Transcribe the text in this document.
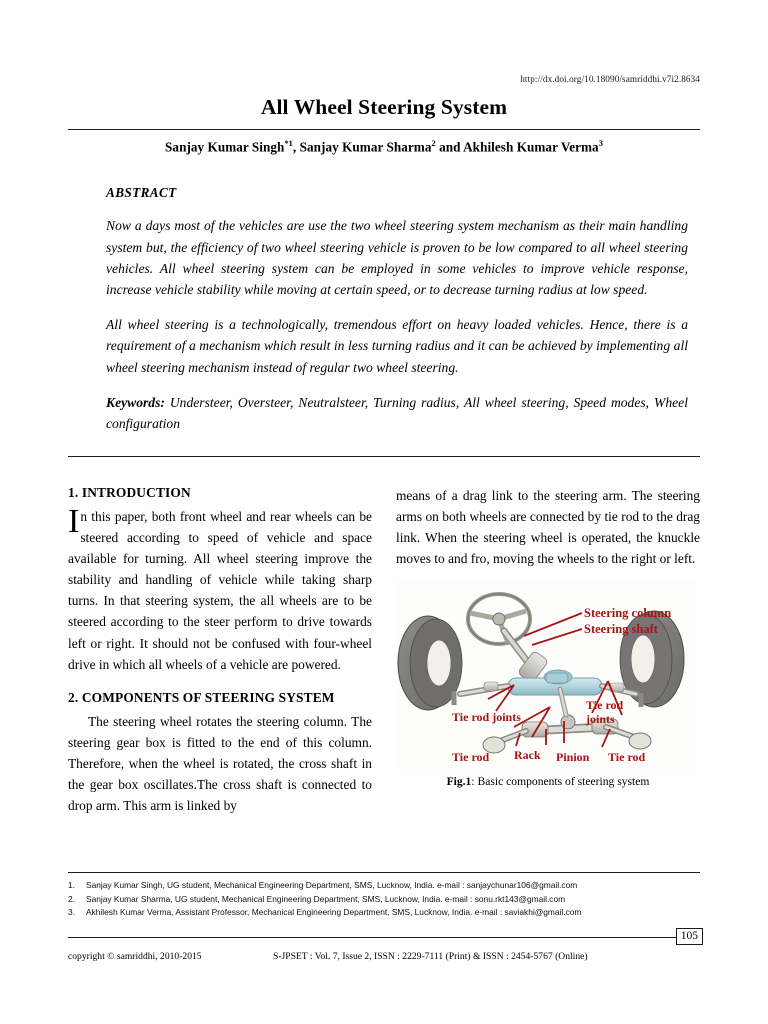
http://dx.doi.org/10.18090/samriddhi.v7i2.8634
All Wheel Steering System
Sanjay Kumar Singh$^{*1}$, Sanjay Kumar Sharma$^2$ and Akhilesh Kumar Verma$^3$
ABSTRACT

Now a days most of the vehicles are use the two wheel steering system mechanism as their main handling system but, the efficiency of two wheel steering vehicle is proven to be low compared to all wheel steering vehicles. All wheel steering system can be employed in some vehicles to improve vehicle response, increase vehicle stability while moving at certain speed, or to decrease turning radius at low speed.

All wheel steering is a technologically, tremendous effort on heavy loaded vehicles. Hence, there is a requirement of a mechanism which result in less turning radius and it can be achieved by implementing all wheel steering mechanism instead of regular two wheel steering.

Keywords: Understeer, Oversteer, Neutralsteer, Turning radius, All wheel steering, Speed modes, Wheel configuration

1. INTRODUCTION

In this paper, both front wheel and rear wheels can be steered according to speed of vehicle and space available for turning. All wheel steering improve the stability and handling of vehicle while taking sharp turns. In that steering system, the all wheels are to be steered according to the steer perform to drive towards left or right. It should not be confused with four-wheel drive in which all wheels of a vehicle are powered.

2. COMPONENTS OF STEERING SYSTEM

The steering wheel rotates the steering column. The steering gear box is fitted to the end of this column. Therefore, when the wheel is rotated, the cross shaft in the gear box oscillates.The cross shaft is connected to drop arm. This arm is linked by

means of a drag link to the steering arm. The steering arms on both wheels are connected by tie rod to the drag link. When the steering wheel is operated, the knuckle moves to and fro, moving the wheels to the right or left.

Steering column
Steering shaft
Tie rod joints
Tie rod
joints
Tie rod Rack Pinion Tie rod
Fig.1: Basic components of steering system
1.	Sanjay Kumar Singh, UG student, Mechanical Engineering Department, SMS, Lucknow, India. e-mail : sanjaychunar106@gmail.com
2.	Sanjay Kumar Sharma, UG student, Mechanical Engineering Department, SMS, Lucknow, India. e-mail : sonu.rkt143@gmail.com
3.	Akhilesh Kumar Verma, Assistant Professor, Mechanical Engineering Department, SMS, Lucknow, India. e-mail : saviakhi@gmail.com
105
copyright © samriddhi, 2010-2015	S-JPSET : Vol. 7, Issue 2, ISSN : 2229-7111 (Print) & ISSN : 2454-5767 (Online)
